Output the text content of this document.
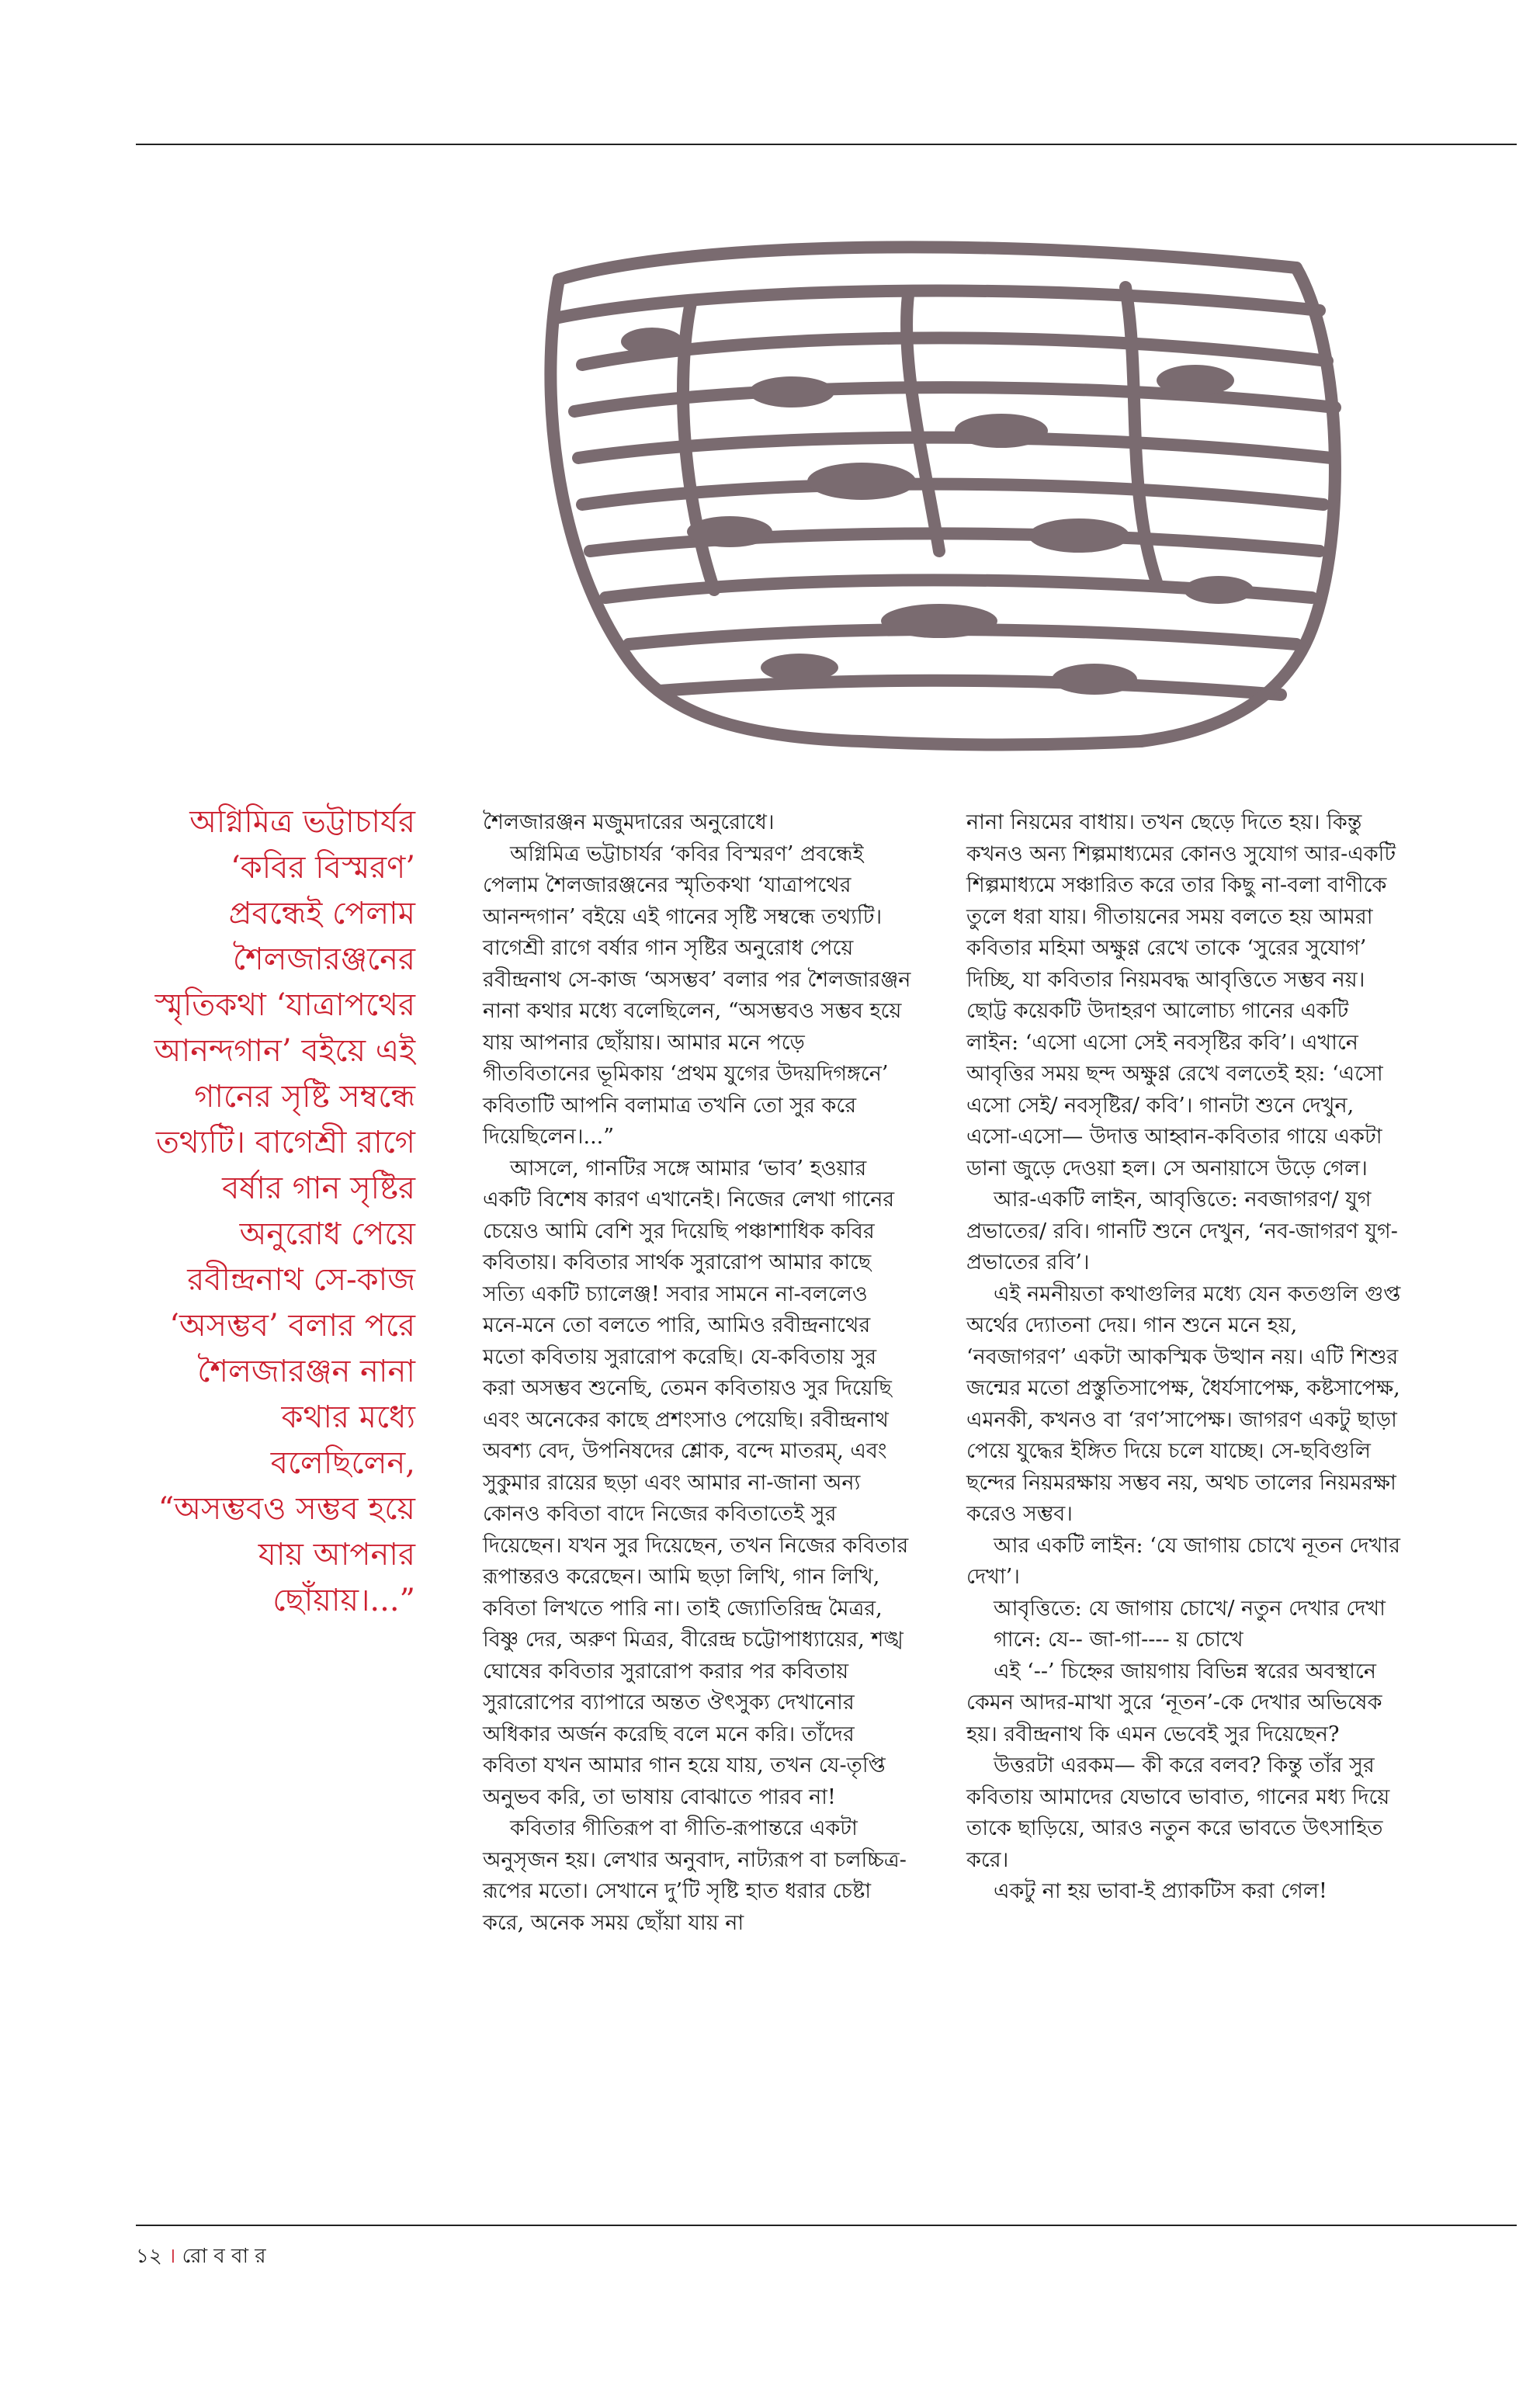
অগ্নিমিত্র ভট্টাচার্যর ‘কবির বিস্মরণ’ প্রবন্ধেই পেলাম শৈলজারঞ্জনের স্মৃতিকথা ‘যাত্রাপথের আনন্দগান’ বইয়ে এই গানের সৃষ্টি সম্বন্ধে তথ্যটি। বাগেশ্রী রাগে বর্ষার গান সৃষ্টির অনুরোধ পেয়ে রবীন্দ্রনাথ সে-কাজ ‘অসম্ভব’ বলার পরে শৈলজারঞ্জন নানা কথার মধ্যে বলেছিলেন, “অসম্ভবও সম্ভব হয়ে যায় আপনার ছোঁয়ায়।...”

শৈলজারঞ্জন মজুমদারের অনুরোধে।

অগ্নিমিত্র ভট্টাচার্যর ‘কবির বিস্মরণ’ প্রবন্ধেই পেলাম শৈলজারঞ্জনের স্মৃতিকথা ‘যাত্রাপথের আনন্দগান’ বইয়ে এই গানের সৃষ্টি সম্বন্ধে তথ্যটি। বাগেশ্রী রাগে বর্ষার গান সৃষ্টির অনুরোধ পেয়ে রবীন্দ্রনাথ সে-কাজ ‘অসম্ভব’ বলার পর শৈলজারঞ্জন নানা কথার মধ্যে বলেছিলেন, “অসম্ভবও সম্ভব হয়ে যায় আপনার ছোঁয়ায়। আমার মনে পড়ে গীতবিতানের ভূমিকায় ‘প্রথম যুগের উদয়দিগঙ্গনে’ কবিতাটি আপনি বলামাত্র তখনি তো সুর করে দিয়েছিলেন।...”

আসলে, গানটির সঙ্গে আমার ‘ভাব’ হওয়ার একটি বিশেষ কারণ এখানেই। নিজের লেখা গানের চেয়েও আমি বেশি সুর দিয়েছি পঞ্চাশাধিক কবির কবিতায়। কবিতার সার্থক সুরারোপ আমার কাছে সত্যি একটি চ্যালেঞ্জ! সবার সামনে না-বললেও মনে-মনে তো বলতে পারি, আমিও রবীন্দ্রনাথের মতো কবিতায় সুরারোপ করেছি। যে-কবিতায় সুর করা অসম্ভব শুনেছি, তেমন কবিতায়ও সুর দিয়েছি এবং অনেকের কাছে প্রশংসাও পেয়েছি। রবীন্দ্রনাথ অবশ্য বেদ, উপনিষদের শ্লোক, বন্দে মাতরম্‌, এবং সুকুমার রায়ের ছড়া এবং আমার না-জানা অন্য কোনও কবিতা বাদে নিজের কবিতাতেই সুর দিয়েছেন। যখন সুর দিয়েছেন, তখন নিজের কবিতার রূপান্তরও করেছেন। আমি ছড়া লিখি, গান লিখি, কবিতা লিখতে পারি না। তাই জ্যোতিরিন্দ্র মৈত্রর, বিষ্ণু দের, অরুণ মিত্রর, বীরেন্দ্র চট্টোপাধ্যায়ের, শঙ্খ ঘোষের কবিতার সুরারোপ করার পর কবিতায় সুরারোপের ব্যাপারে অন্তত ঔৎসুক্য দেখানোর অধিকার অর্জন করেছি বলে মনে করি। তাঁদের কবিতা যখন আমার গান হয়ে যায়, তখন যে-তৃপ্তি অনুভব করি, তা ভাষায় বোঝাতে পারব না!

কবিতার গীতিরূপ বা গীতি-রূপান্তরে একটা অনুসৃজন হয়। লেখার অনুবাদ, নাট্যরূপ বা চলচ্চিত্র-রূপের মতো। সেখানে দু’টি সৃষ্টি হাত ধরার চেষ্টা করে, অনেক সময় ছোঁয়া যায় না

নানা নিয়মের বাধায়। তখন ছেড়ে দিতে হয়। কিন্তু কখনও অন্য শিল্পমাধ্যমের কোনও সুযোগ আর-একটি শিল্পমাধ্যমে সঞ্চারিত করে তার কিছু না-বলা বাণীকে তুলে ধরা যায়। গীতায়নের সময় বলতে হয় আমরা কবিতার মহিমা অক্ষুণ্ণ রেখে তাকে ‘সুরের সুযোগ’ দিচ্ছি, যা কবিতার নিয়মবদ্ধ আবৃত্তিতে সম্ভব নয়। ছোট্ট কয়েকটি উদাহরণ আলোচ্য গানের একটি লাইন: ‘এসো এসো সেই নবসৃষ্টির কবি’। এখানে আবৃত্তির সময় ছন্দ অক্ষুণ্ণ রেখে বলতেই হয়: ‘এসো এসো সেই/ নবসৃষ্টির/ কবি’। গানটা শুনে দেখুন, এসো-এসো— উদাত্ত আহ্বান-কবিতার গায়ে একটা ডানা জুড়ে দেওয়া হল। সে অনায়াসে উড়ে গেল।

আর-একটি লাইন, আবৃত্তিতে: নবজাগরণ/ যুগ প্রভাতের/ রবি। গানটি শুনে দেখুন, ‘নব-জাগরণ যুগ-প্রভাতের রবি’।

এই নমনীয়তা কথাগুলির মধ্যে যেন কতগুলি গুপ্ত অর্থের দ্যোতনা দেয়। গান শুনে মনে হয়, ‘নবজাগরণ’ একটা আকস্মিক উত্থান নয়। এটি শিশুর জন্মের মতো প্রস্তুতিসাপেক্ষ, ধৈর্যসাপেক্ষ, কষ্টসাপেক্ষ, এমনকী, কখনও বা ‘রণ’সাপেক্ষ। জাগরণ একটু ছাড়া পেয়ে যুদ্ধের ইঙ্গিত দিয়ে চলে যাচ্ছে। সে-ছবিগুলি ছন্দের নিয়মরক্ষায় সম্ভব নয়, অথচ তালের নিয়মরক্ষা করেও সম্ভব।

আর একটি লাইন: ‘যে জাগায় চোখে নূতন দেখার দেখা’।

আবৃত্তিতে: যে জাগায় চোখে/ নতুন দেখার দেখা

গানে: যে-- জা-গা---- য় চোখে

এই ‘--’ চিহ্নের জায়গায় বিভিন্ন স্বরের অবস্থানে কেমন আদর-মাখা সুরে ‘নূতন’-কে দেখার অভিষেক হয়। রবীন্দ্রনাথ কি এমন ভেবেই সুর দিয়েছেন?

উত্তরটা এরকম— কী করে বলব? কিন্তু তাঁর সুর কবিতায় আমাদের যেভাবে ভাবাত, গানের মধ্য দিয়ে তাকে ছাড়িয়ে, আরও নতুন করে ভাবতে উৎসাহিত করে।

একটু না হয় ভাবা-ই প্র্যাকটিস করা গেল!

১২ । রো ব বা র
